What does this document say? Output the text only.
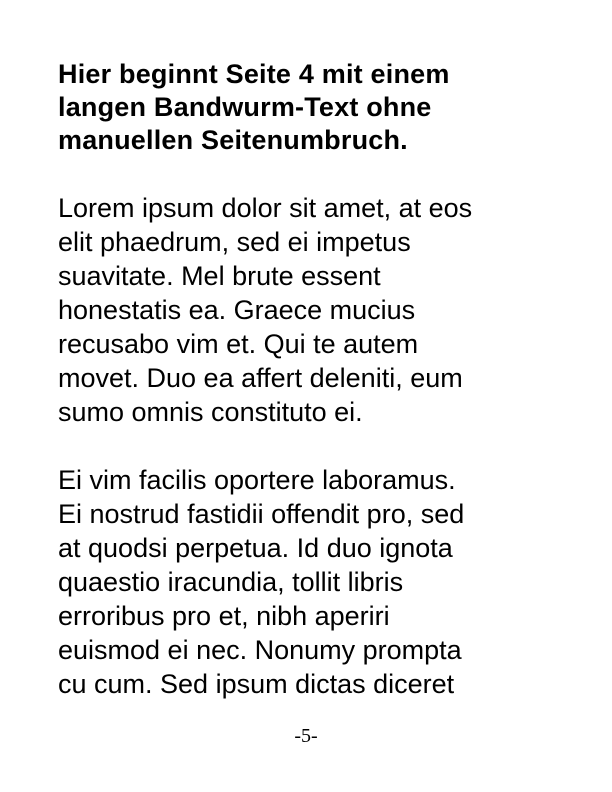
Hier beginnt Seite 4 mit einem
langen Bandwurm-Text ohne
manuellen Seitenumbruch.

Lorem ipsum dolor sit amet, at eos
elit phaedrum, sed ei impetus
suavitate. Mel brute essent
honestatis ea. Graece mucius
recusabo vim et. Qui te autem
movet. Duo ea affert deleniti, eum
sumo omnis constituto ei.

Ei vim facilis oportere laboramus.
Ei nostrud fastidii offendit pro, sed
at quodsi perpetua. Id duo ignota
quaestio iracundia, tollit libris
erroribus pro et, nibh aperiri
euismod ei nec. Nonumy prompta
cu cum. Sed ipsum dictas diceret

-5-
